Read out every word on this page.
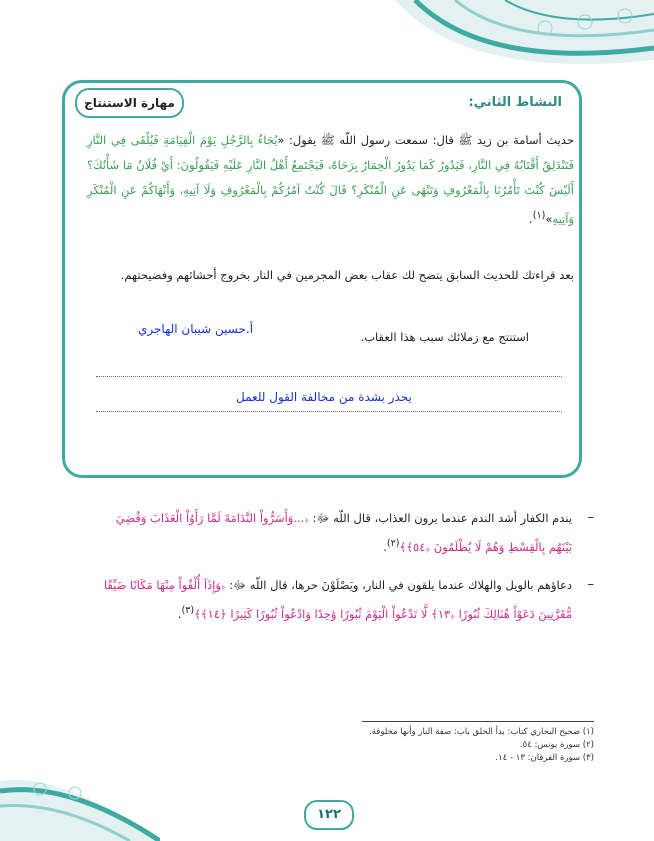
النشاط الثاني:
مهارة الاستنتاج
حديث أسامة بن زيد ﷺ قال: سمعت رسول اللّه ﷺ يقول: «يُجَاءُ بِالرَّجُلِ يَوْمَ الْقِيَامَةِ فَيُلْقَى فِي النَّارِ فَتَنْدَلِقُ أَقْتَابُهُ فِي النَّارِ، فَيَدُورُ كَمَا يَدُورُ الْحِمَارُ بِرَحَاهُ، فَيَجْتَمِعُ أَهْلُ النَّارِ عَلَيْهِ فَيَقُولُونَ: أَيْ فُلَانُ مَا شَأْنُكَ؟ أَلَيْسَ كُنْتَ تَأْمُرُنَا بِالْمَعْرُوفِ وَتَنْهَى عَنِ الْمُنْكَرِ؟ قَالَ كُنْتُ آمُرُكُمْ بِالْمَعْرُوفِ وَلَا آتِيهِ، وَأَنْهَاكُمْ عَنِ الْمُنْكَرِ وَآتِيهِ»$^{(١)}$.
بعد قراءتك للحديث السابق يتضح لك عقاب بعض المجرمين في النار بخروج أحشائهم وفضيحتهم.
استنتج مع زملائك سبب هذا العقاب.
أ.حسين شيبان الهاجري
يحذر بشدة من مخالفة القول للعمل
–
يندم الكفار أشد الندم عندما يرون العذاب، قال اللّه ﷻ: ﴿...وَأَسَرُّواْ النَّدَامَةَ لَمَّا رَأَوُاْ الْعَذَابَ وَقُضِيَ بَيْنَهُم بِالْقِسْطِ وَهُمْ لَا يُظْلَمُونَ ﴿٥٤﴾﴾$^{(٢)}$.
–
دعاؤهم بالويل والهلاك عندما يلقون في النار، ويَصْلَوْنَ حرها، قال اللّه ﷻ: ﴿وَإِذَآ أُلْقُواْ مِنْهَا مَكَانًا ضَيِّقًا مُّقَرَّنِينَ دَعَوْاْ هُنَالِكَ ثُبُورًا ﴿١٣﴾ لَّا تَدْعُواْ الْيَوْمَ ثُبُورًا وَٰحِدًا وَادْعُواْ ثُبُورًا كَثِيرًا ﴿١٤﴾﴾$^{(٣)}$.
(١) صحيح البخاري كتاب: بدأ الخلق باب: صفة النار وأنها مخلوقة.
(٢) سورة يونس: ٥٤.
(٣) سورة الفرقان: ١٣ - ١٤.
١٢٢
